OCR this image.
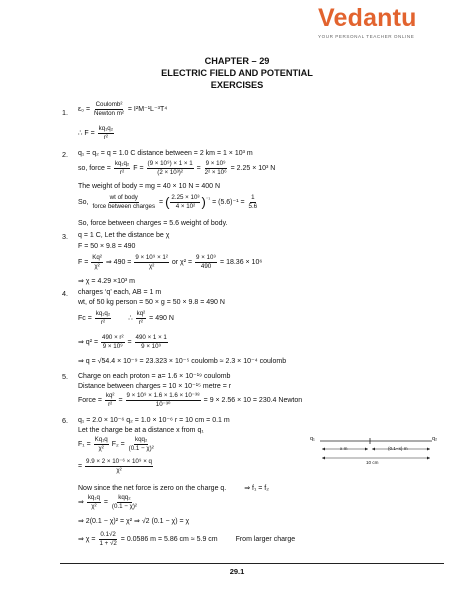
Vedantu
YOUR PERSONAL TEACHER ONLINE
CHAPTER – 29
ELECTRIC FIELD AND POTENTIAL
EXERCISES
1. $\varepsilon_0 = \frac{\text{Coulomb²}}{\text{Newton m²}} = I^2M^{-1}L^{-3}T^4$
∴ $F = \frac{\text{kq₁q₂}}{\text{r²}}$
2. q₁ = q₂ = q = 1.0 C distance between = 2 km = 1 × 10³ m
so, force = $\frac{\text{kq₁q₂}}{\text{r²}}$ $F = \frac{\text{(9 × 10⁹) × 1 × 1}}{\text{(2 × 10³)²}} = \frac{\text{9 × 10⁹}}{\text{2² × 10⁶}} = 2.25 \times 10^3$ N
The weight of body = mg = 40 × 10 N = 400 N
So, $\frac{\text{wt of body}}{\text{force between charges}}$ = ( $\frac{\text{2.25 × 10³}}{\text{4 × 10²}} )^{^{-1}} = (5.6)^{-1} = \frac{1}{5.6}$
So, force between charges = 5.6 weight of body.
3. q = 1 C, Let the distance be χ
F = 50 × 9.8 = 490
$F = \frac{\text{Kq²}}{\text{χ²}}$ ⇒ $490 = \frac{\text{9 × 10⁹ × 1²}}{\text{χ²}}$ or $\chi^2 = \frac{\text{9 × 10⁹}}{490} = 18.36 \times 10^6$
⇒ χ = 4.29 ×10³ m
4. charges ‘q’ each, AB = 1 m
wt, of 50 kg person = 50 × g = 50 × 9.8 = 490 N
Fᴄ = $\frac{\text{kq₁q₂}}{\text{r²}}$ ∴ $\frac{\text{kq²}}{\text{r²}} = 490$ N
⇒ $q^2 = \frac{\text{490 × r²}}{\text{9 × 10⁹}} = \frac{490 \times 1 \times 1}{\text{9 × 10⁹}}$
⇒ q = √54.4 × 10⁻⁹ = 23.323 × 10⁻⁵ coulomb ≈ 2.3 × 10⁻⁴ coulomb
5. Charge on each proton = a= 1.6 × 10⁻¹⁹ coulomb
Distance between charges = 10 × 10⁻¹⁵ metre = r
Force = $\frac{\text{kq²}}{\text{r²}} = \frac{\text{9 × 10⁹ × 1.6 × 1.6 × 10⁻³⁸}}{\text{10⁻³⁰}} = 9 \times 2.56 \times 10 = 230.4$ Newton
6. q₁ = 2.0 × 10⁻⁶ q₂ = 1.0 × 10⁻⁶ r = 10 cm = 0.1 m
Let the charge be at a distance x from q₁
$F_1 = \frac{\text{Kq₁q}}{\text{χ²}} F_2 = \frac{\text{kqq₂}}{\text{(0.1 − χ)²}}$
= $\frac{\text{9.9 × 2 × 10⁻⁶ × 10⁹ × q}}{\text{χ²}}$
Now since the net force is zero on the charge q.	⇒ f₁ = f₂
⇒ $\frac{\text{kq₁q}}{\text{χ²}} = \frac{\text{kqq₂}}{\text{(0.1 − χ)²}}$
⇒ 2(0.1 − χ)² = χ² ⇒ √2 (0.1 − χ) = χ
⇒ $\chi = \frac{0.1√2}{1 + √2} = 0.0586$ m = 5.86 cm ≈ 5.9 cm	From larger charge
q₁	q₂
x m	(0.1−x) m
10 cm
29.1
